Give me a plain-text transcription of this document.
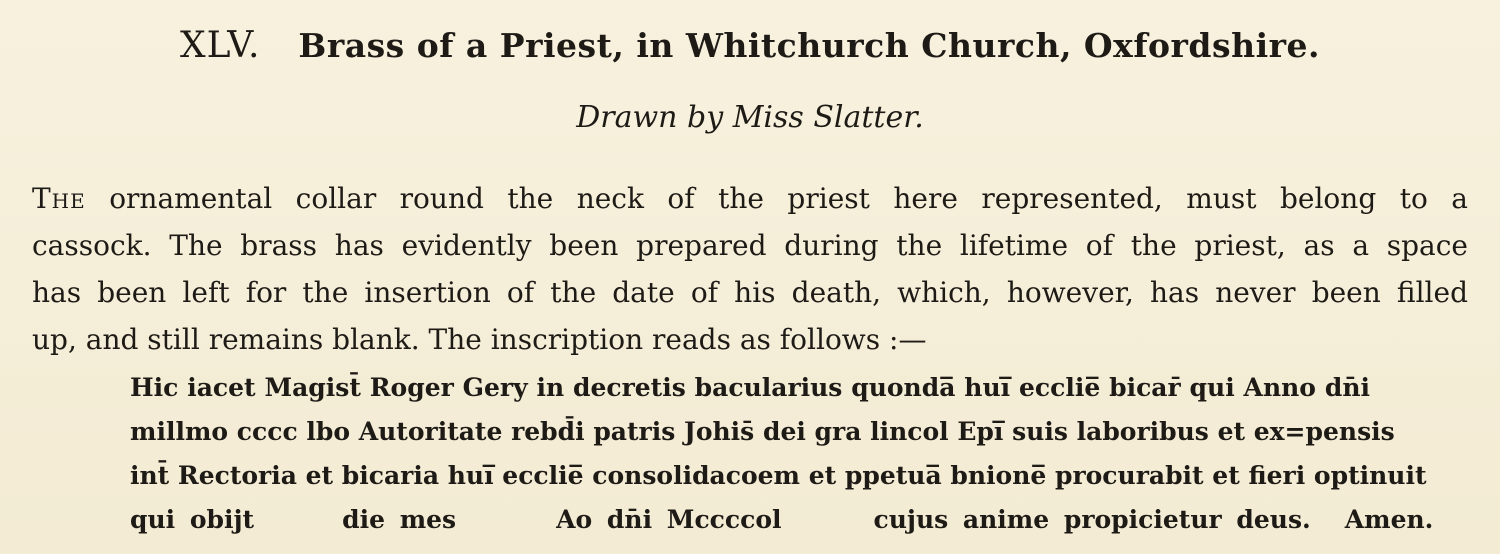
XLV. Brass of a Priest, in Whitchurch Church, Oxfordshire.
Drawn by Miss Slatter.
The ornamental collar round the neck of the priest here represented, must belong to a
cassock. The brass has evidently been prepared during the lifetime of the priest, as a space
has been left for the insertion of the date of his death, which, however, has never been filled
up, and still remains blank. The inscription reads as follows :—
Hic iacet Magist̄ Roger Gery in decretis bacularius quonda̅ hui̅ ecclie̅ bicar̄ qui Anno dn̄i
millmo cccc lbo Autoritate rebd̄i patris Johis̄ dei gra lincol Epi̅ suis laboribus et ex=pensis
int̄ Rectoria et bicaria hui̅ ecclie̅ consolidacoem et ppetua̅ bnione̅ procurabit et fieri optinuit
qui obijt	die mes	Ao dn̄i Mccccol	cujus anime propicietur deus. Amen.
